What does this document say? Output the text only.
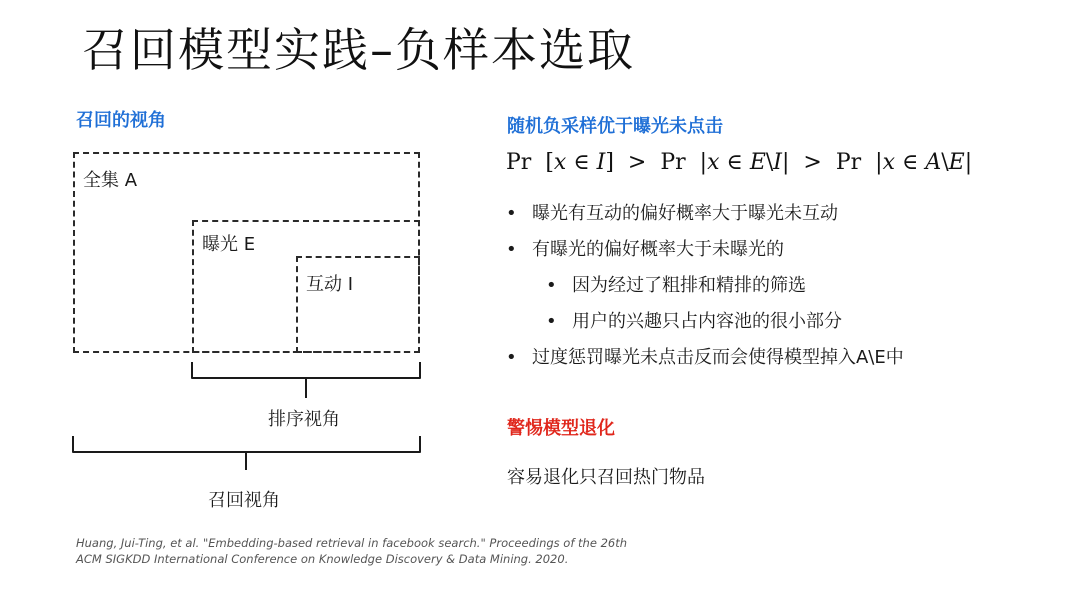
召回模型实践–负样本选取
召回的视角
全集 A
曝光 E
互动 I
排序视角
召回视角
随机负采样优于曝光未点击
Pr  [x ∈ I] > Pr  |x ∈ E\I| > Pr  |x ∈ A\E|
• 曝光有互动的偏好概率大于曝光未互动
• 有曝光的偏好概率大于未曝光的
• 因为经过了粗排和精排的筛选
• 用户的兴趣只占内容池的很小部分
• 过度惩罚曝光未点击反而会使得模型掉入A\E中
警惕模型退化
容易退化只召回热门物品
Huang, Jui-Ting, et al. "Embedding-based retrieval in facebook search." Proceedings of the 26th
ACM SIGKDD International Conference on Knowledge Discovery & Data Mining. 2020.
